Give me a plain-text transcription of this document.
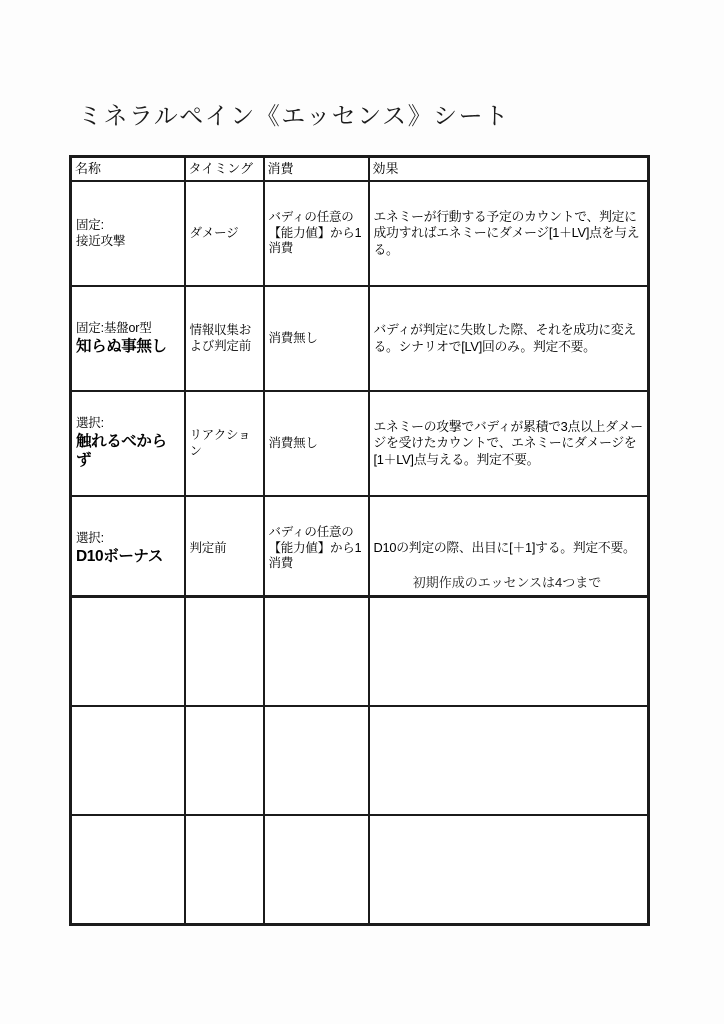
ミネラルペイン《エッセンス》シート
名称	タイミング	消費	効果

固定:
接近攻撃	ダメージ	バディの任意の【能力値】から1消費	エネミーが行動する予定のカウントで、判定に成功すればエネミーにダメージ[1＋LV]点を与える。

固定:基盤or型
知らぬ事無し	情報収集および判定前	消費無し	バディが判定に失敗した際、それを成功に変える。シナリオで[LV]回のみ。判定不要。

選択:
触れるべからず	リアクション	消費無し	エネミーの攻撃でバディが累積で3点以上ダメージを受けたカウントで、エネミーにダメージを[1＋LV]点与える。判定不要。

選択:
D10ボーナス	判定前	バディの任意の【能力値】から1消費	D10の判定の際、出目に[＋1]する。判定不要。
初期作成のエッセンスは4つまで
